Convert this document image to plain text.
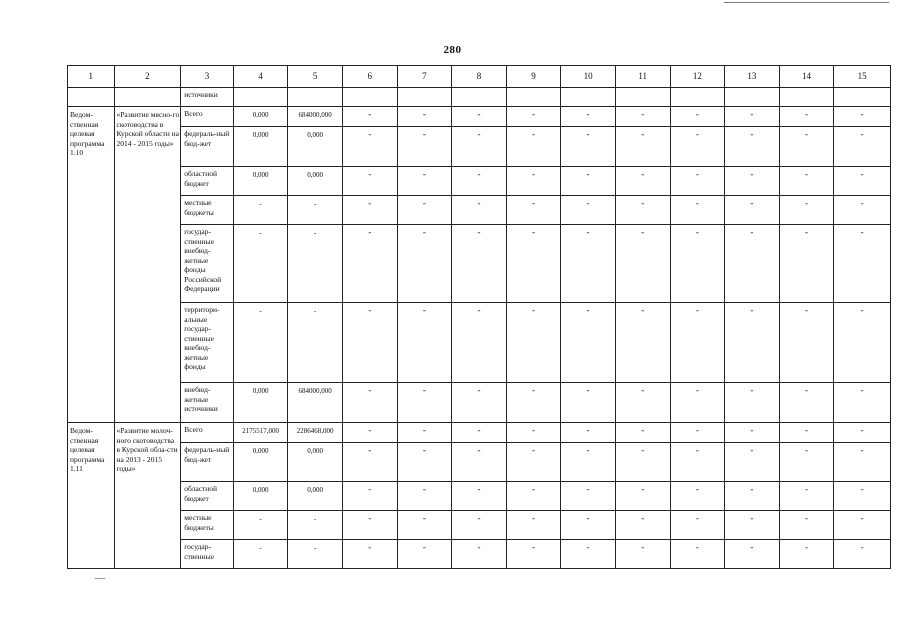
280
1	2	3	4	5	6	7	8	9	10	11	12	13	14	15
		источники												
Ведом-ственная целевая программа 1.10	«Развитие мясно-го скотоводства в Курской области на 2014 - 2015 годы»	Всего	0,000	684000,000	-	-	-	-	-	-	-	-	-	-
		федераль-ный бюд-жет	0,000	0,000	-	-	-	-	-	-	-	-	-	-
		областной бюджет	0,000	0,000	-	-	-	-	-	-	-	-	-	-
		местные бюджеты	-	-	-	-	-	-	-	-	-	-	-	-
		государ-ственные внебюд-жетные фонды Российской Федерации	-	-	-	-	-	-	-	-	-	-	-	-
		территори-альные государ-ственные внебюд-жетные фонды	-	-	-	-	-	-	-	-	-	-	-	-
		внебюд-жетные источники	0,000	684000,000	-	-	-	-	-	-	-	-	-	-
Ведом-ственная целевая программа 1.11	«Развитие молоч-ного скотоводства в Курской обла-сти на 2013 - 2015 годы»	Всего	2175517,000	2286468,000	-	-	-	-	-	-	-	-	-	-
		федераль-ный бюд-жет	0,000	0,000	-	-	-	-	-	-	-	-	-	-
		областной бюджет	0,000	0,000	-	-	-	-	-	-	-	-	-	-
		местные бюджеты	-	-	-	-	-	-	-	-	-	-	-	-
		государ-ственные	-	-	-	-	-	-	-	-	-	-	-	-
